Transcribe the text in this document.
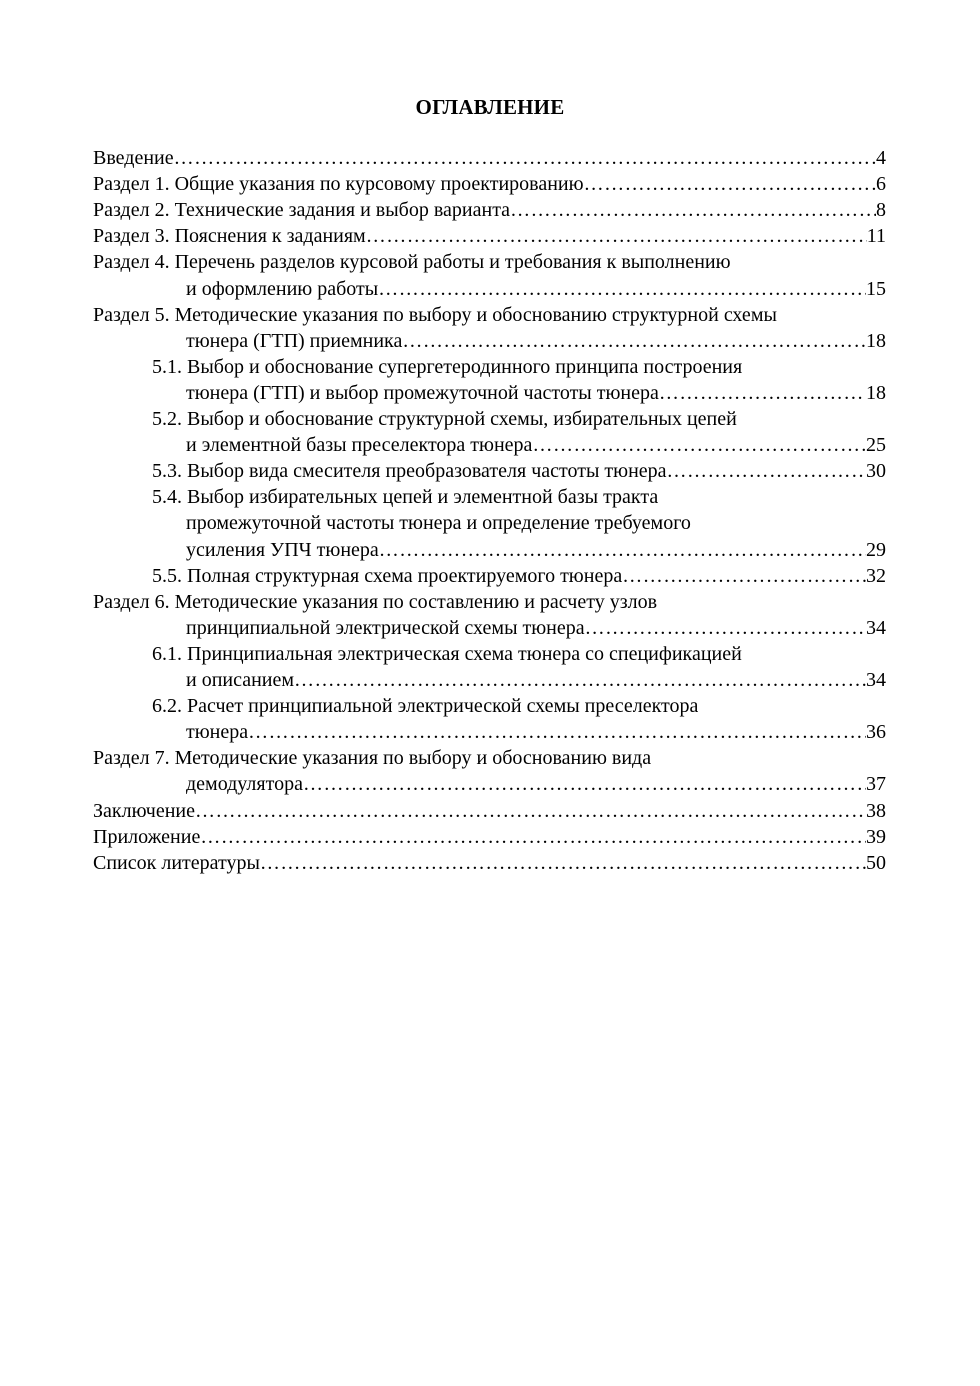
ОГЛАВЛЕНИЕ
Введение ……………………………………………………………………………………………………………………………………………………………………………………………………………………	4
Раздел 1. Общие указания по курсовому проектированию ……………………………………………………………………………………………………………………………………………………………………………………………………………………	6
Раздел 2. Технические задания и выбор варианта ……………………………………………………………………………………………………………………………………………………………………………………………………………………	8
Раздел 3. Пояснения к заданиям ……………………………………………………………………………………………………………………………………………………………………………………………………………………	11
Раздел 4. Перечень разделов курсовой работы и требования к выполнению
и оформлению работы ……………………………………………………………………………………………………………………………………………………………………………………………………………………	15
Раздел 5. Методические указания по выбору и обоснованию структурной схемы
тюнера (ГТП) приемника ……………………………………………………………………………………………………………………………………………………………………………………………………………………	18
5.1. Выбор и обоснование супергетеродинного принципа построения
тюнера (ГТП) и выбор промежуточной частоты тюнера ……………………………………………………………………………………………………………………………………………………………………………………………………………………	18
5.2. Выбор и обоснование структурной схемы, избирательных цепей
и элементной базы преселектора тюнера ……………………………………………………………………………………………………………………………………………………………………………………………………………………	25
5.3. Выбор вида смесителя преобразователя частоты тюнера ……………………………………………………………………………………………………………………………………………………………………………………………………………………	30
5.4. Выбор избирательных цепей и элементной базы тракта
промежуточной частоты тюнера и определение требуемого
усиления УПЧ тюнера ……………………………………………………………………………………………………………………………………………………………………………………………………………………	29
5.5. Полная структурная схема проектируемого тюнера ……………………………………………………………………………………………………………………………………………………………………………………………………………………	32
Раздел 6. Методические указания по составлению и расчету узлов
принципиальной электрической схемы тюнера ……………………………………………………………………………………………………………………………………………………………………………………………………………………	34
6.1. Принципиальная электрическая схема тюнера со спецификацией
и описанием ……………………………………………………………………………………………………………………………………………………………………………………………………………………	34
6.2. Расчет принципиальной электрической схемы преселектора
тюнера ……………………………………………………………………………………………………………………………………………………………………………………………………………………	36
Раздел 7. Методические указания по выбору и обоснованию вида
демодулятора ……………………………………………………………………………………………………………………………………………………………………………………………………………………	37
Заключение ……………………………………………………………………………………………………………………………………………………………………………………………………………………	38
Приложение ……………………………………………………………………………………………………………………………………………………………………………………………………………………	39
Список литературы ……………………………………………………………………………………………………………………………………………………………………………………………………………………	50
